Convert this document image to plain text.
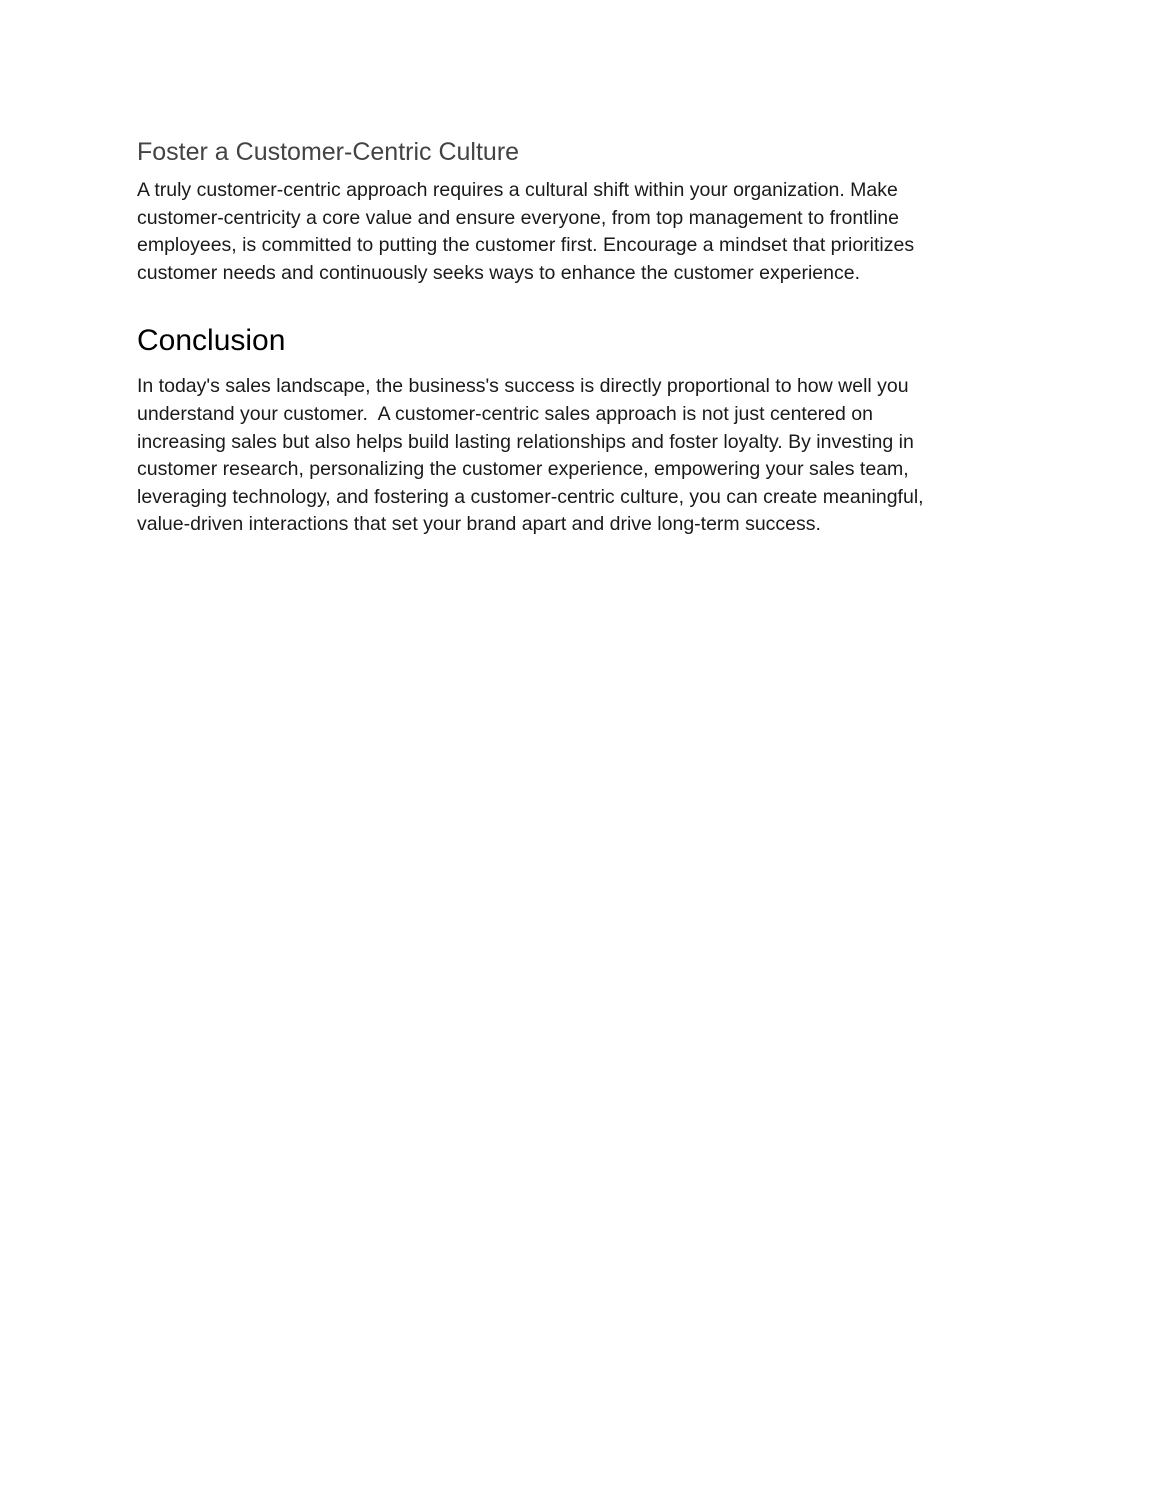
Foster a Customer-Centric Culture

A truly customer-centric approach requires a cultural shift within your organization. Make
customer-centricity a core value and ensure everyone, from top management to frontline
employees, is committed to putting the customer first. Encourage a mindset that prioritizes
customer needs and continuously seeks ways to enhance the customer experience.

Conclusion

In today's sales landscape, the business's success is directly proportional to how well you
understand your customer.  A customer-centric sales approach is not just centered on
increasing sales but also helps build lasting relationships and foster loyalty. By investing in
customer research, personalizing the customer experience, empowering your sales team,
leveraging technology, and fostering a customer-centric culture, you can create meaningful,
value-driven interactions that set your brand apart and drive long-term success.
